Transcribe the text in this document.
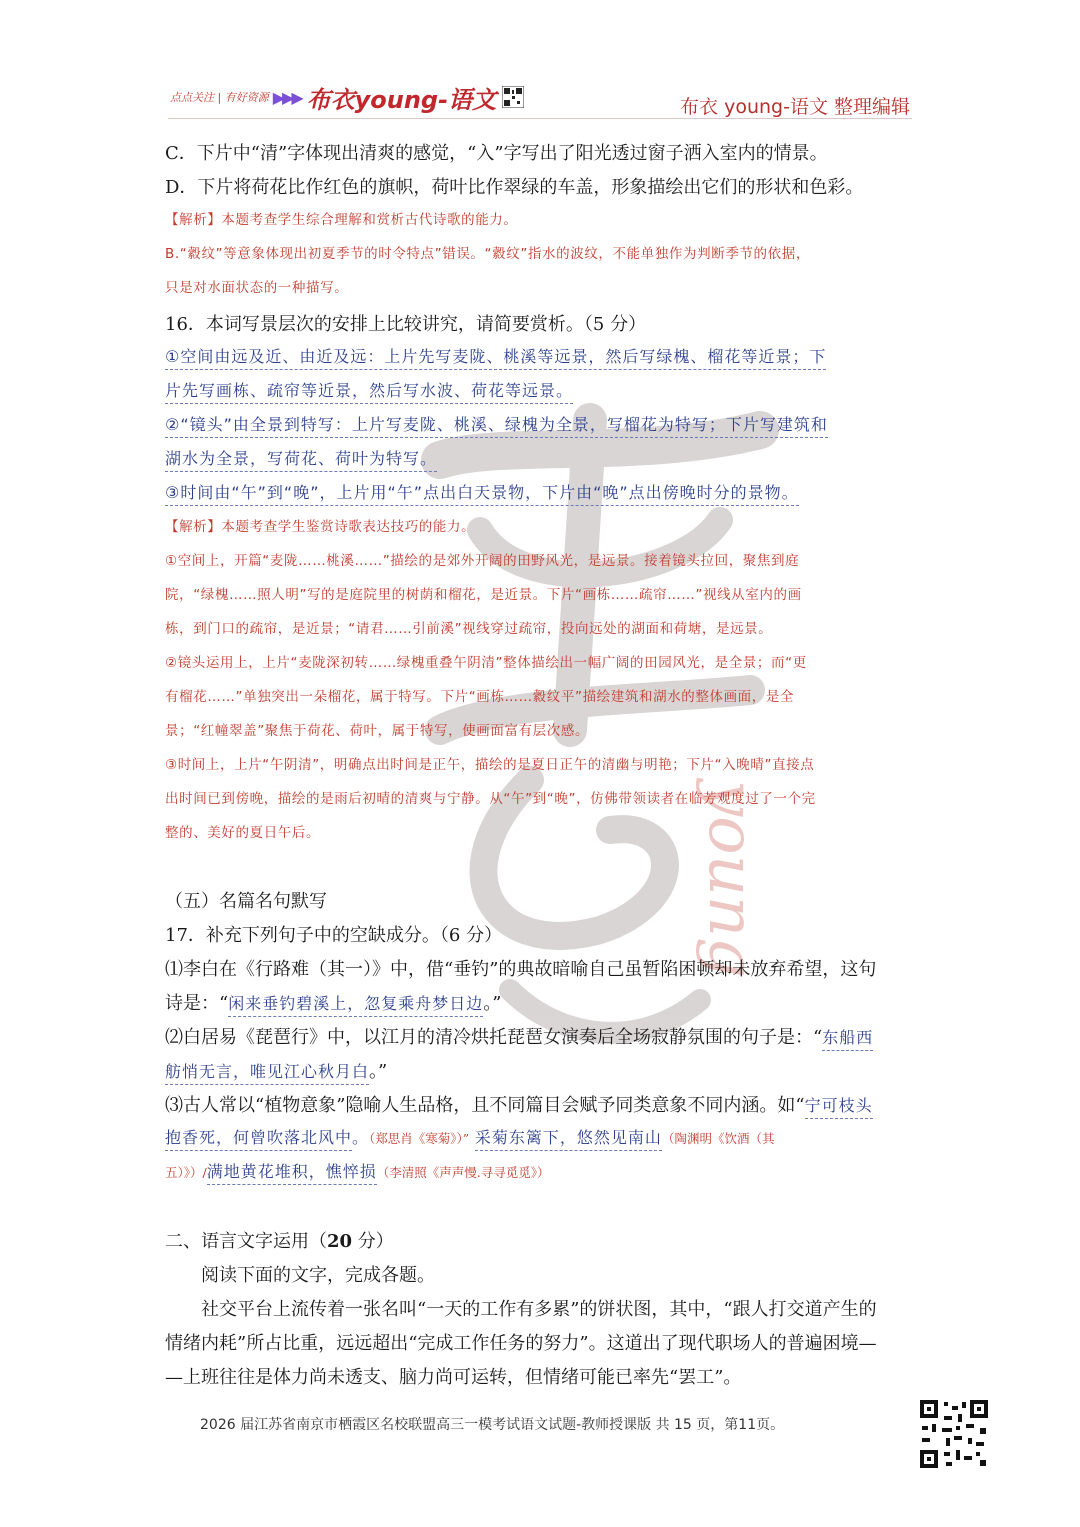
点点关注 | 有好资源 ▶▶▶ 布衣young-语文	布衣 young-语文 整理编辑
young

C．下片中“清”字体现出清爽的感觉，“入”字写出了阳光透过窗子洒入室内的情景。

D．下片将荷花比作红色的旗帜，荷叶比作翠绿的车盖，形象描绘出它们的形状和色彩。

【解析】本题考查学生综合理解和赏析古代诗歌的能力。

B.“縠纹”等意象体现出初夏季节的时令特点”错误。“縠纹”指水的波纹，不能单独作为判断季节的依据，

只是对水面状态的一种描写。

16．本词写景层次的安排上比较讲究，请简要赏析。（5 分）

①空间由远及近、由近及远：上片先写麦陇、桃溪等远景，然后写绿槐、榴花等近景；下

片先写画栋、疏帘等近景，然后写水波、荷花等远景。

②“镜头”由全景到特写：上片写麦陇、桃溪、绿槐为全景，写榴花为特写；下片写建筑和

湖水为全景，写荷花、荷叶为特写。

③时间由“午”到“晚”，上片用“午”点出白天景物，下片由“晚”点出傍晚时分的景物。

【解析】本题考查学生鉴赏诗歌表达技巧的能力。

①空间上，开篇“麦陇……桃溪……”描绘的是郊外开阔的田野风光，是远景。接着镜头拉回，聚焦到庭

院，“绿槐……照人明”写的是庭院里的树荫和榴花，是近景。下片“画栋……疏帘……”视线从室内的画

栋，到门口的疏帘，是近景；“请君……引前溪”视线穿过疏帘，投向远处的湖面和荷塘，是远景。

②镜头运用上，上片“麦陇深初转……绿槐重叠午阴清”整体描绘出一幅广阔的田园风光，是全景；而“更

有榴花……”单独突出一朵榴花，属于特写。下片“画栋……縠纹平”描绘建筑和湖水的整体画面，是全

景；“红幢翠盖”聚焦于荷花、荷叶，属于特写，使画面富有层次感。

③时间上，上片“午阴清”，明确点出时间是正午，描绘的是夏日正午的清幽与明艳；下片“入晚晴”直接点

出时间已到傍晚，描绘的是雨后初晴的清爽与宁静。从“午”到“晚”，仿佛带领读者在临芳观度过了一个完

整的、美好的夏日午后。

（五）名篇名句默写

17．补充下列句子中的空缺成分。（6 分）

⑴李白在《行路难（其一）》中，借“垂钓”的典故暗喻自己虽暂陷困顿却未放弃希望，这句

诗是：“闲来垂钓碧溪上，忽复乘舟梦日边。”

⑵白居易《琵琶行》中，以江月的清冷烘托琵琶女演奏后全场寂静氛围的句子是：“东船西

舫悄无言，唯见江心秋月白。”

⑶古人常以“植物意象”隐喻人生品格，且不同篇目会赋予同类意象不同内涵。如“宁可枝头

抱香死，何曾吹落北风中。（郑思肖《寒菊》）” 采菊东篱下，悠然见南山（陶渊明《饮酒（其

五）》）/满地黄花堆积，憔悴损（李清照《声声慢.寻寻觅觅》）

二、语言文字运用（20 分）

阅读下面的文字，完成各题。

社交平台上流传着一张名叫“一天的工作有多累”的饼状图，其中，“跟人打交道产生的

情绪内耗”所占比重，远远超出“完成工作任务的努力”。这道出了现代职场人的普遍困境—

—上班往往是体力尚未透支、脑力尚可运转，但情绪可能已率先“罢工”。

2026 届江苏省南京市栖霞区名校联盟高三一模考试语文试题-教师授课版 共 15 页，第11页。
